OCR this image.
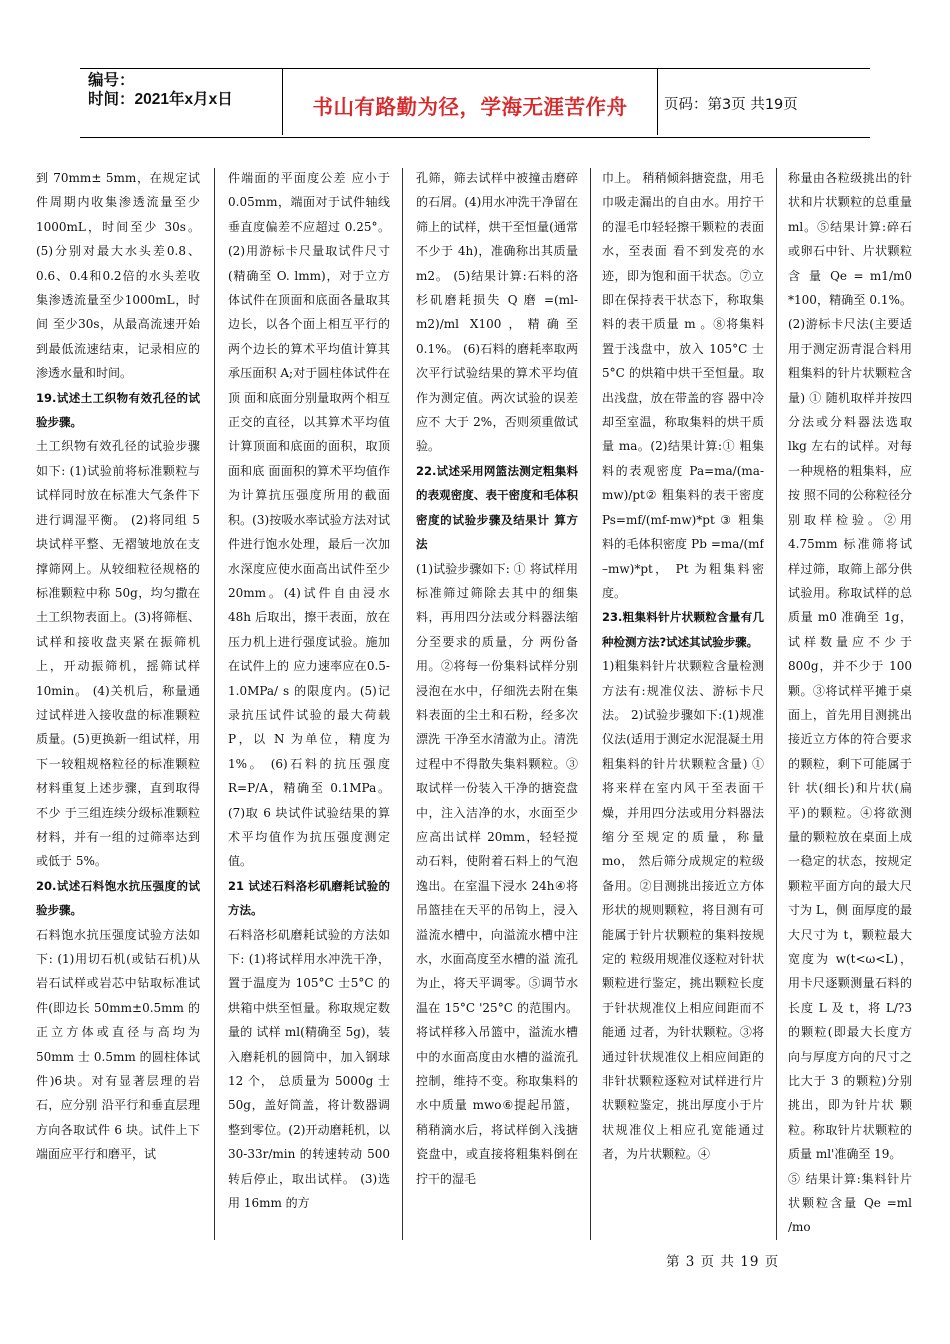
编号：
时间：2021年x月x日	书山有路勤为径，学海无涯苦作舟	页码：第3页 共19页

到 70mm± 5mm，在规定试件周期内收集渗透流量至少1000mL，时间至少 30s。(5)分别对最大水头差0.8、0.6、0.4和0.2倍的水头差收集渗透流量至少1000mL，时间 至少30s，从最高流速开始到最低流速结束，记录相应的渗透水量和时间。

19.试述土工织物有效孔径的试验步骤。

土工织物有效孔径的试验步骤如下: (1)试验前将标准颗粒与试样同时放在标准大气条件下进行调湿平衡。 (2)将同组 5 块试样平整、无褶皱地放在支撑筛网上。从较细粒径规格的标准颗粒中称 50g，均匀撒在土工织物表面上。(3)将筛框、试样和接收盘夹紧在振筛机上，开动振筛机，摇筛试样 10min。 (4)关机后，称量通过试样进入接收盘的标准颗粒质量。(5)更换新一组试样，用下一较粗规格粒径的标准颗粒材料重复上述步骤，直到取得不少 于三组连续分级标准颗粒材料，并有一组的过筛率达到或低于 5%。

20.试述石料饱水抗压强度的试验步骤。

石料饱水抗压强度试验方法如下: (1)用切石机(或钻石机)从岩石试样或岩芯中钻取标准试件(即边长 50mm±0.5mm 的 正立方体或直径与高均为 50mm 士 0.5mm 的圆柱体试件)6块。对有显著层理的岩石，应分别 沿平行和垂直层理方向各取试件 6 块。试件上下端面应平行和磨平，试

件端面的平面度公差 应小于 0.05mm，端面对于试件轴线垂直度偏差不应超过 0.25°。 (2)用游标卡尺量取试件尺寸(精确至 O. lmm)，对于立方体试件在顶面和底面各量取其 边长，以各个面上相互平行的两个边长的算术平均值计算其承压面积 A;对于圆柱体试件在顶 面和底面分别量取两个相互正交的直径，以其算术平均值计算顶面和底面的面积，取顶面和底 面面积的算术平均值作为计算抗压强度所用的截面积。(3)按吸水率试验方法对试件进行饱水处理，最后一次加水深度应使水面高出试件至少20mm。(4)试件自由浸水 48h 后取出，擦干表面，放在压力机上进行强度试验。施加在试件上的 应力速率应在0.5-1.0MPa/ s 的限度内。(5)记录抗压试件试验的最大荷载 P，以 N 为单位，精度为 1%。 (6)石料的抗压强度 R=P/A，精确至 0.1MPa。(7)取 6 块试件试验结果的算术平均值作为抗压强度测定值。

21 试述石料洛杉矶磨耗试验的方法。

石料洛杉矶磨耗试验的方法如下: (1)将试样用水冲洗干净， 置于温度为 105°C 士5°C 的烘箱中烘至恒量。称取规定数量的 试样 ml(精确至 5g)，装入磨耗机的圆筒中，加入钢球 12 个， 总质量为 5000g 士 50g，盖好筒盖，将计数器调整到零位。(2)开动磨耗机，以 30-33r/min 的转速转动 500 转后停止，取出试样。 (3)选用 16mm 的方

孔筛，筛去试样中被撞击磨碎的石屑。(4)用水冲洗干净留在筛上的试样，烘干至恒量(通常不少于 4h)，准确称出其质量 m2。 (5)结果计算:石料的洛杉矶磨耗损失 Q 磨 =(ml-m2)/ml X100，精确至 0.1%。 (6)石料的磨耗率取两次平行试验结果的算术平均值作为测定值。两次试验的误差应不 大于 2%，否则须重做试验。

22.试述采用网篮法测定粗集料的表观密度、表干密度和毛体积密度的试验步骤及结果计 算方法

(1)试验步骤如下: ① 将试样用标准筛过筛除去其中的细集料，再用四分法或分料器法缩分至要求的质量，分 两份备用。②将每一份集料试样分别浸泡在水中，仔细洗去附在集料表面的尘土和石粉，经多次漂洗 干净至水清澈为止。清洗过程中不得散失集料颗粒。③取试样一份装入干净的搪瓷盘中，注入洁净的水，水面至少应高出试样 20mm，轻轻搅 动石料，使附着石料上的气泡逸出。在室温下浸水 24h④将吊篮挂在天平的吊钩上，浸入溢流水槽中，向溢流水槽中注水，水面高度至水槽的溢 流孔为止，将天平调零。⑤调节水温在 15°C '25°C 的范围内。将试样移入吊篮中，溢流水槽中的水面高度由水槽的溢流孔控制，维持不变。称取集料的水中质量 mwo⑥提起吊篮，稍稍滴水后，将试样倒入浅搪瓷盘中，或直接将粗集料倒在拧干的湿毛

巾上。 稍稍倾斜搪瓷盘，用毛巾吸走漏出的自由水。用拧干的湿毛巾轻轻擦干颗粒的表面水，至表面 看不到发亮的水迹，即为饱和面干状态。⑦立即在保持表干状态下，称取集料的表干质量 m 。⑧将集料置于浅盘中，放入 105°C 士 5°C 的烘箱中烘干至恒量。取出浅盘，放在带盖的容 器中冷却至室温，称取集料的烘干质量 ma。(2)结果计算:① 粗集料的表观密度 Pa=ma/(ma-mw)/pt② 粗集料的表干密度 Ps=mf/(mf-mw)*pt ③ 粗集料的毛体积密度 Pb =ma/(mf –mw)*pt， Pt 为粗集料密度。

23.粗集料针片状颗粒含量有几种检测方法?试述其试验步骤。

1)粗集料针片状颗粒含量检测方法有:规准仪法、游标卡尺法。 2)试验步骤如下:(1)规准仪法(适用于测定水泥混凝土用粗集料的针片状颗粒含量) ① 将来样在室内风干至表面干燥，并用四分法或用分料器法缩分至规定的质量，称量 mo， 然后筛分成规定的粒级备用。②目测挑出接近立方体形状的规则颗粒，将目测有可能属于针片状颗粒的集料按规定的 粒级用规准仪逐粒对针状颗粒进行鉴定，挑出颗粒长度于针状规准仪上相应间距而不能通 过者，为针状颗粒。③将通过针状规准仪上相应间距的非针状颗粒逐粒对试样进行片状颗粒鉴定，挑出厚度小于片状规准仪上相应孔宽能通过者，为片状颗粒。④

称量由各粒级挑出的针状和片状颗粒的总重量 ml。⑤结果计算:碎石或卵石中针、片状颗粒含 量 Qe = m1/m0 *100，精确至 0.1%。 (2)游标卡尺法(主要适用于测定沥青混合料用粗集料的针片状颗粒含量) ① 随机取样并按四分法或分料器法选取 lkg 左右的试样。对每一种规格的粗集料，应按 照不同的公称粒径分别取样检验。②用 4.75mm 标准筛将试样过筛，取筛上部分供试验用。称取试样的总质量 m0 准确至 1g，试样数量应不少于 800g，并不少于 100 颗。③将试样平摊于桌面上，首先用目测挑出接近立方体的符合要求的颗粒，剩下可能属于针 状(细长)和片状(扁平)的颗粒。④将欲测量的颗粒放在桌面上成一稳定的状态，按规定颗粒平面方向的最大尺寸为 L，侧 面厚度的最大尺寸为 t，颗粒最大宽度为 w(t<ω<L)，用卡尺逐颗测量石料的长度 L 及 t，将 L/?3 的颗粒(即最大长度方向与厚度方向的尺寸之比大于 3 的颗粒)分别挑出，即为针片状 颗粒。称取针片状颗粒的质量 ml'准确至 19。

⑤ 结果计算:集料针片状颗粒含量 Qe =ml /mo

第 3 页 共 19 页
